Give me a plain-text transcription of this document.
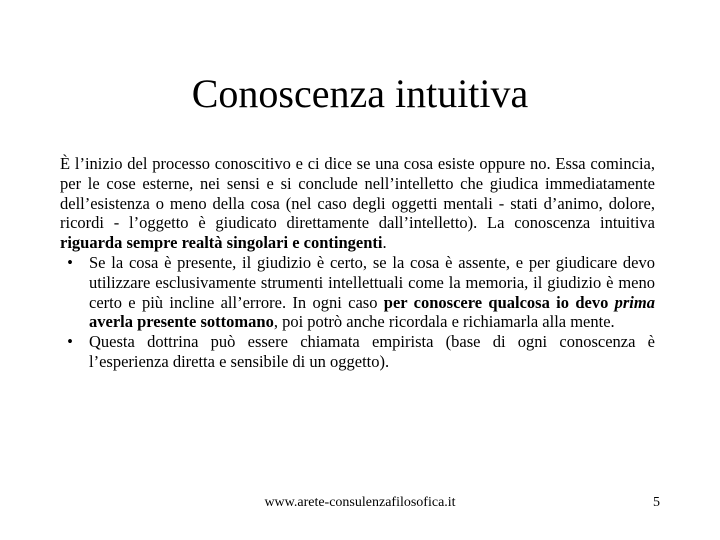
Conoscenza intuitiva

È l’inizio del processo conoscitivo e ci dice se una cosa esiste oppure no. Essa comincia, per le cose esterne, nei sensi e si conclude nell’intelletto che giudica immediatamente dell’esistenza o meno della cosa (nel caso degli oggetti mentali - stati d’animo, dolore, ricordi - l’oggetto è giudicato direttamente dall’intelletto). La conoscenza intuitiva riguarda sempre realtà singolari e contingenti.

• Se la cosa è presente, il giudizio è certo, se la cosa è assente, e per giudicare devo utilizzare esclusivamente strumenti intellettuali come la memoria, il giudizio è meno certo e più incline all’errore. In ogni caso per conoscere qualcosa io devo prima averla presente sottomano, poi potrò anche ricordala e richiamarla alla mente.
• Questa dottrina può essere chiamata empirista (base di ogni conoscenza è l’esperienza diretta e sensibile di un oggetto).
www.arete-consulenzafilosofica.it	5
